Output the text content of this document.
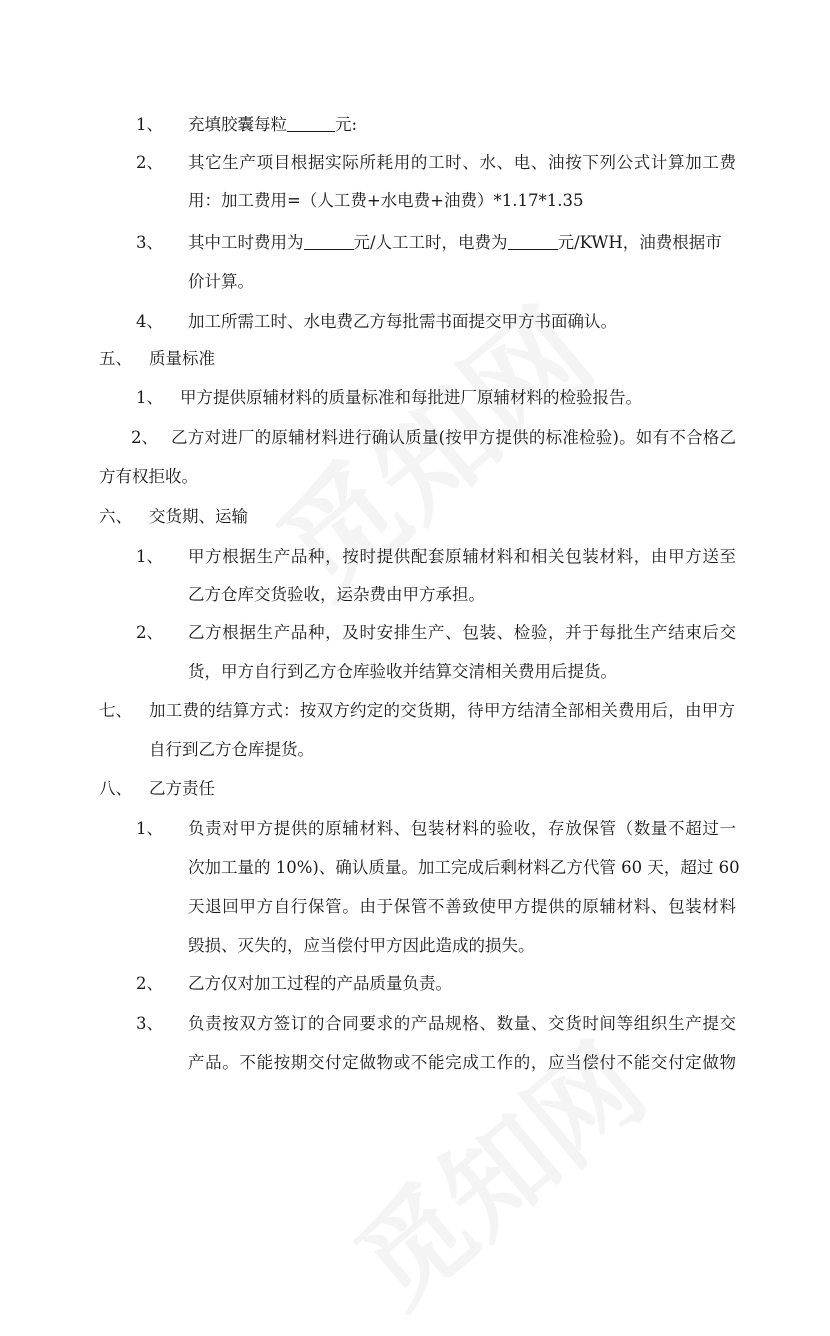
1、 充填胶囊每粒	元:
2、 其它生产项目根据实际所耗用的工时、水、电、油按下列公式计算加工费
用：加工费用=（人工费+水电费+油费）*1.17*1.35
3、 其中工时费用为	元/人工工时，电费为	元/KWH，油费根据市
价计算。
4、 加工所需工时、水电费乙方每批需书面提交甲方书面确认。
五、 质量标准
1、 甲方提供原辅材料的质量标准和每批进厂原辅材料的检验报告。
2、 乙方对进厂的原辅材料进行确认质量(按甲方提供的标准检验)。如有不合格乙
方有权拒收。
六、 交货期、运输
1、 甲方根据生产品种，按时提供配套原辅材料和相关包装材料，由甲方送至
乙方仓库交货验收，运杂费由甲方承担。
2、 乙方根据生产品种，及时安排生产、包装、检验，并于每批生产结束后交
货，甲方自行到乙方仓库验收并结算交清相关费用后提货。
七、 加工费的结算方式：按双方约定的交货期，待甲方结清全部相关费用后，由甲方
自行到乙方仓库提货。
八、 乙方责任
1、 负责对甲方提供的原辅材料、包装材料的验收，存放保管（数量不超过一
次加工量的 10%)、确认质量。加工完成后剩材料乙方代管 60 天，超过 60
天退回甲方自行保管。由于保管不善致使甲方提供的原辅材料、包装材料
毁损、灭失的，应当偿付甲方因此造成的损失。
2、 乙方仅对加工过程的产品质量负责。
3、 负责按双方签订的合同要求的产品规格、数量、交货时间等组织生产提交
产品。不能按期交付定做物或不能完成工作的，应当偿付不能交付定做物
